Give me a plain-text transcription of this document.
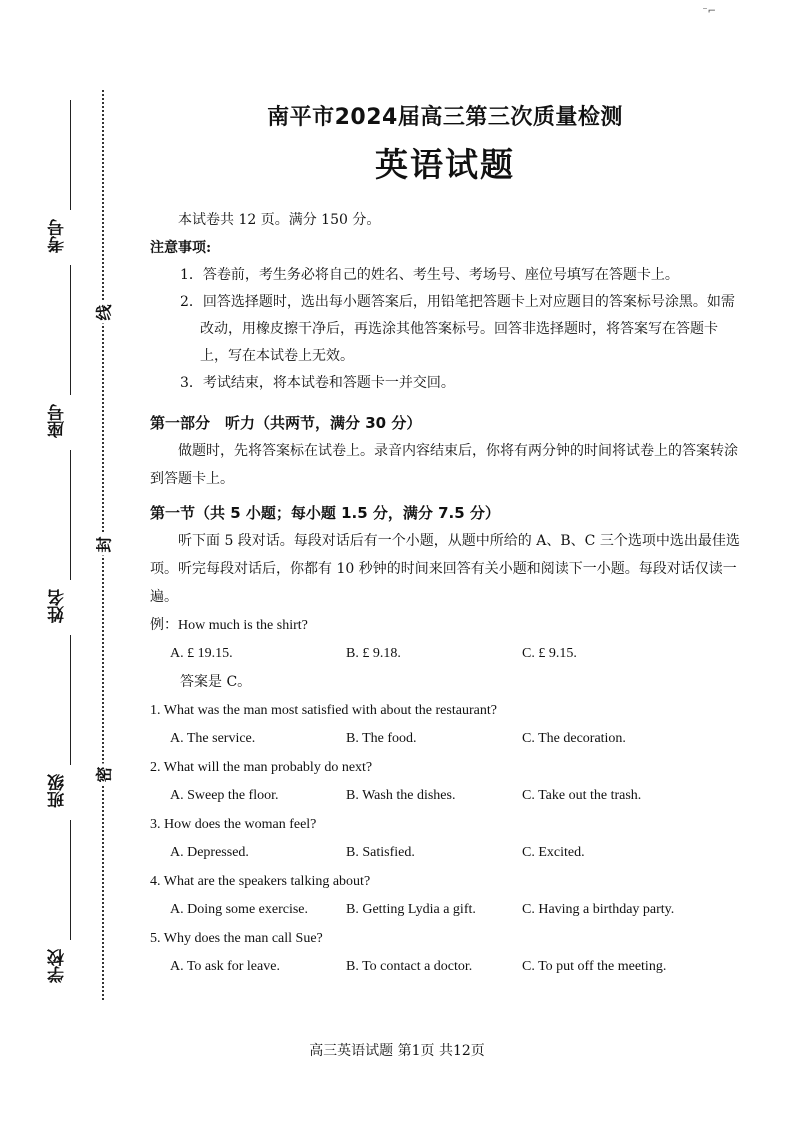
⁻⌐
考号
座号
姓名
班级
学校
线
封
密
南平市2024届高三第三次质量检测
英语试题

本试卷共 12 页。满分 150 分。

注意事项:

1．答卷前，考生务必将自己的姓名、考生号、考场号、座位号填写在答题卡上。

2．回答选择题时，选出每小题答案后，用铅笔把答题卡上对应题目的答案标号涂黑。如需改动，用橡皮擦干净后，再选涂其他答案标号。回答非选择题时，将答案写在答题卡上，写在本试卷上无效。

3．考试结束，将本试卷和答题卡一并交回。

第一部分　听力（共两节，满分 30 分）

做题时，先将答案标在试卷上。录音内容结束后，你将有两分钟的时间将试卷上的答案转涂到答题卡上。

第一节（共 5 小题；每小题 1.5 分，满分 7.5 分）

听下面 5 段对话。每段对话后有一个小题，从题中所给的 A、B、C 三个选项中选出最佳选项。听完每段对话后，你都有 10 秒钟的时间来回答有关小题和阅读下一小题。每段对话仅读一遍。

例：How much is the shirt?

A. £ 19.15.	B. £ 9.18.	C. £ 9.15.
答案是 C。

1. What was the man most satisfied with about the restaurant?

A. The service.	B. The food.	C. The decoration.

2. What will the man probably do next?

A. Sweep the floor.	B. Wash the dishes.	C. Take out the trash.

3. How does the woman feel?

A. Depressed.	B. Satisfied.	C. Excited.

4. What are the speakers talking about?

A. Doing some exercise.	B. Getting Lydia a gift.	C. Having a birthday party.

5. Why does the man call Sue?

A. To ask for leave.	B. To contact a doctor.	C. To put off the meeting.
高三英语试题 第1页 共12页
